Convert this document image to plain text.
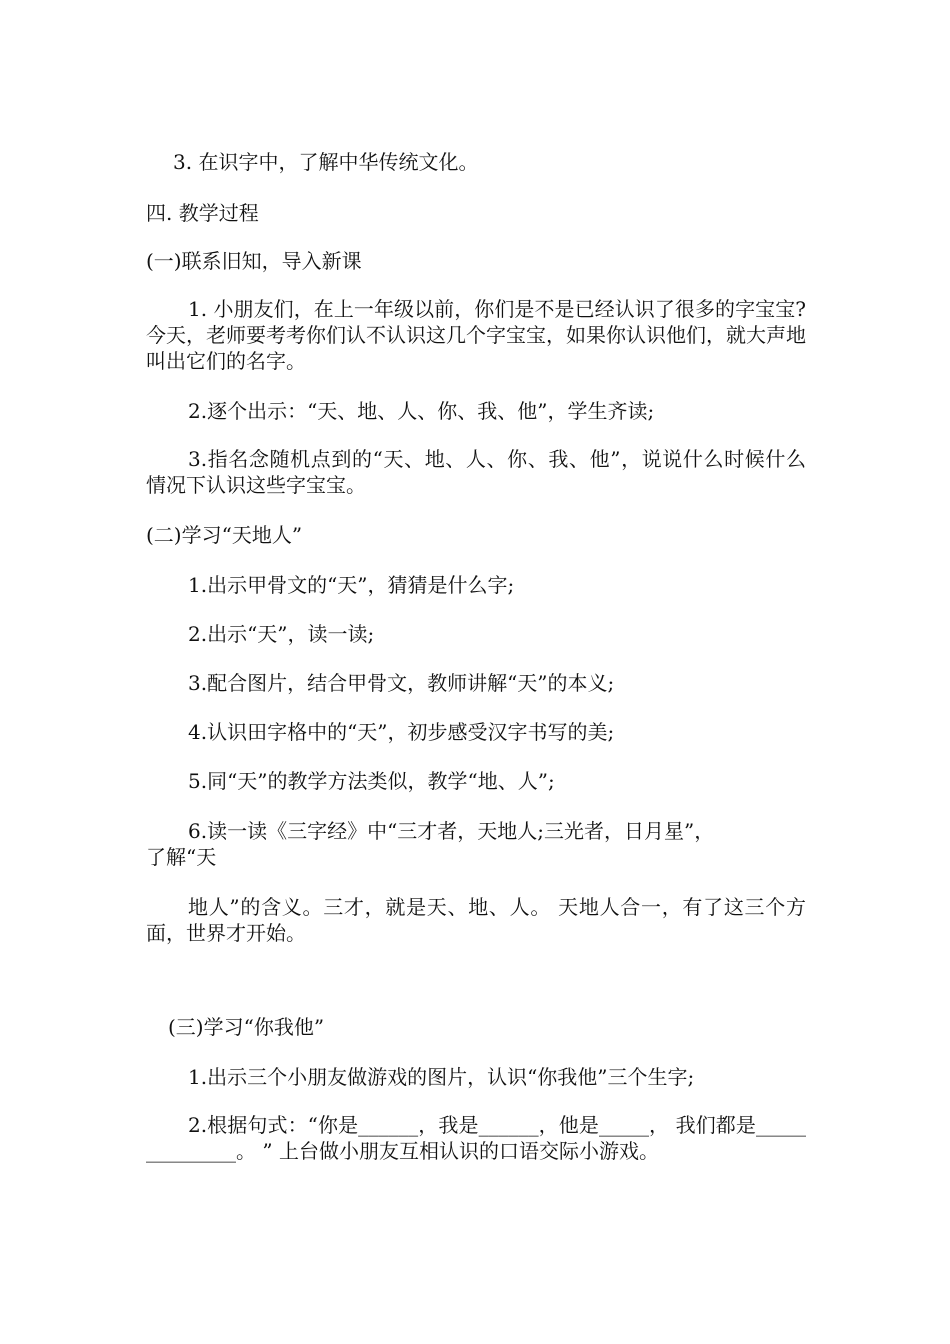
3. 在识字中，了解中华传统文化。
四. 教学过程
(一)联系旧知，导入新课
1. 小朋友们，在上一年级以前，你们是不是已经认识了很多的字宝宝?今天，老师要考考你们认不认识这几个字宝宝，如果你认识他们，就大声地叫出它们的名字。
2.逐个出示：“天、地、人、你、我、他”，学生齐读;
3.指名念随机点到的“天、地、人、你、我、他”，说说什么时候什么情况下认识这些字宝宝。
(二)学习“天地人”
1.出示甲骨文的“天”，猜猜是什么字;
2.出示“天”，读一读;
3.配合图片，结合甲骨文，教师讲解“天”的本义;
4.认识田字格中的“天”，初步感受汉字书写的美;
5.同“天”的教学方法类似，教学“地、人”;
6.读一读《三字经》中“三才者，天地人;三光者，日月星”，
了解“天
地人”的含义。三才，就是天、地、人。 天地人合一，有了这三个方面，世界才开始。
(三)学习“你我他”
1.出示三个小朋友做游戏的图片，认识“你我他”三个生字;
2.根据句式：“你是______，我是______，他是_____， 我们都是______________。 ” 上台做小朋友互相认识的口语交际小游戏。
